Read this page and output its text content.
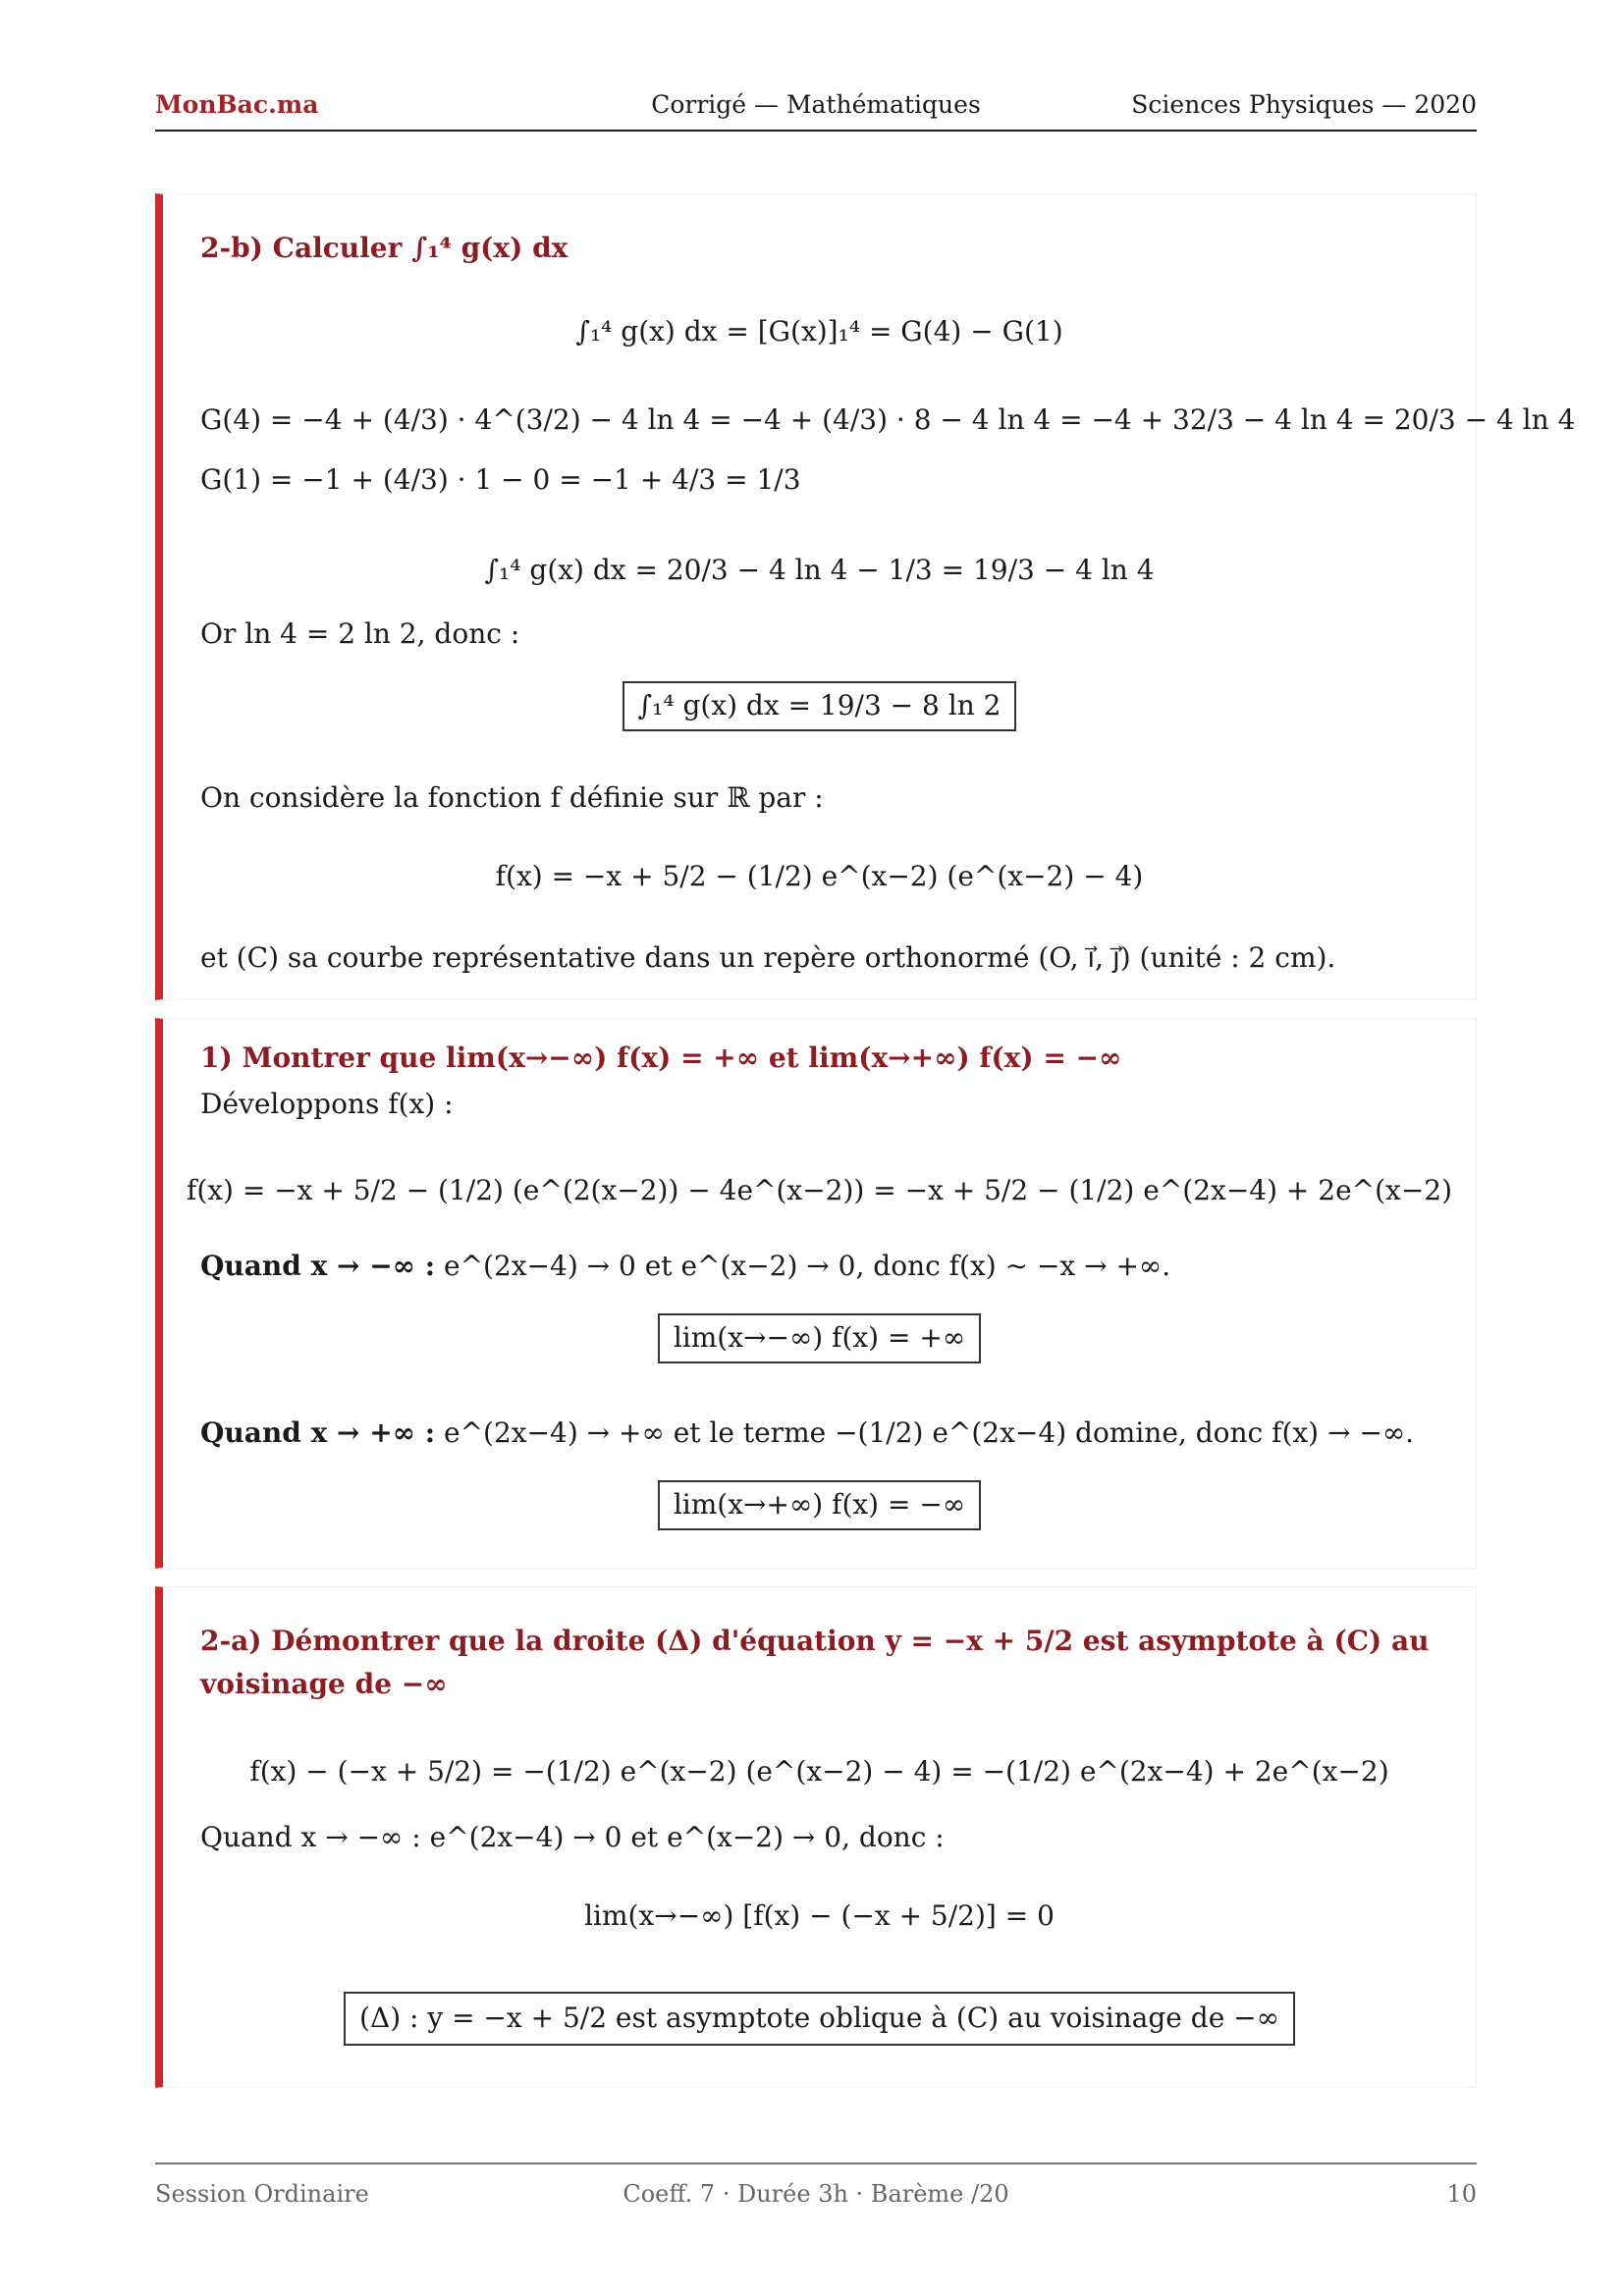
MonBac.ma	Corrigé — Mathématiques	Sciences Physiques — 2020
2-b) Calculer ∫₁⁴ g(x) dx
∫₁⁴ g(x) dx = [G(x)]₁⁴ = G(4) − G(1)
G(4) = −4 + (4/3) · 4^(3/2) − 4 ln 4 = −4 + (4/3) · 8 − 4 ln 4 = −4 + 32/3 − 4 ln 4 = 20/3 − 4 ln 4
G(1) = −1 + (4/3) · 1 − 0 = −1 + 4/3 = 1/3
∫₁⁴ g(x) dx = 20/3 − 4 ln 4 − 1/3 = 19/3 − 4 ln 4
Or ln 4 = 2 ln 2, donc :
∫₁⁴ g(x) dx = 19/3 − 8 ln 2
On considère la fonction f définie sur ℝ par :
f(x) = −x + 5/2 − (1/2) e^(x−2) (e^(x−2) − 4)
et (C) sa courbe représentative dans un repère orthonormé (O, i⃗, j⃗) (unité : 2 cm).
1) Montrer que lim(x→−∞) f(x) = +∞ et lim(x→+∞) f(x) = −∞
Développons f(x) :
f(x) = −x + 5/2 − (1/2) (e^(2(x−2)) − 4e^(x−2)) = −x + 5/2 − (1/2) e^(2x−4) + 2e^(x−2)
Quand x → −∞ : e^(2x−4) → 0 et e^(x−2) → 0, donc f(x) ∼ −x → +∞.
lim(x→−∞) f(x) = +∞
Quand x → +∞ : e^(2x−4) → +∞ et le terme −(1/2) e^(2x−4) domine, donc f(x) → −∞.
lim(x→+∞) f(x) = −∞
2-a) Démontrer que la droite (Δ) d'équation y = −x + 5/2 est asymptote à (C) au
voisinage de −∞
f(x) − (−x + 5/2) = −(1/2) e^(x−2) (e^(x−2) − 4) = −(1/2) e^(2x−4) + 2e^(x−2)
Quand x → −∞ : e^(2x−4) → 0 et e^(x−2) → 0, donc :
lim(x→−∞) [f(x) − (−x + 5/2)] = 0
(Δ) : y = −x + 5/2 est asymptote oblique à (C) au voisinage de −∞
Session Ordinaire	Coeff. 7 · Durée 3h · Barème /20	10
